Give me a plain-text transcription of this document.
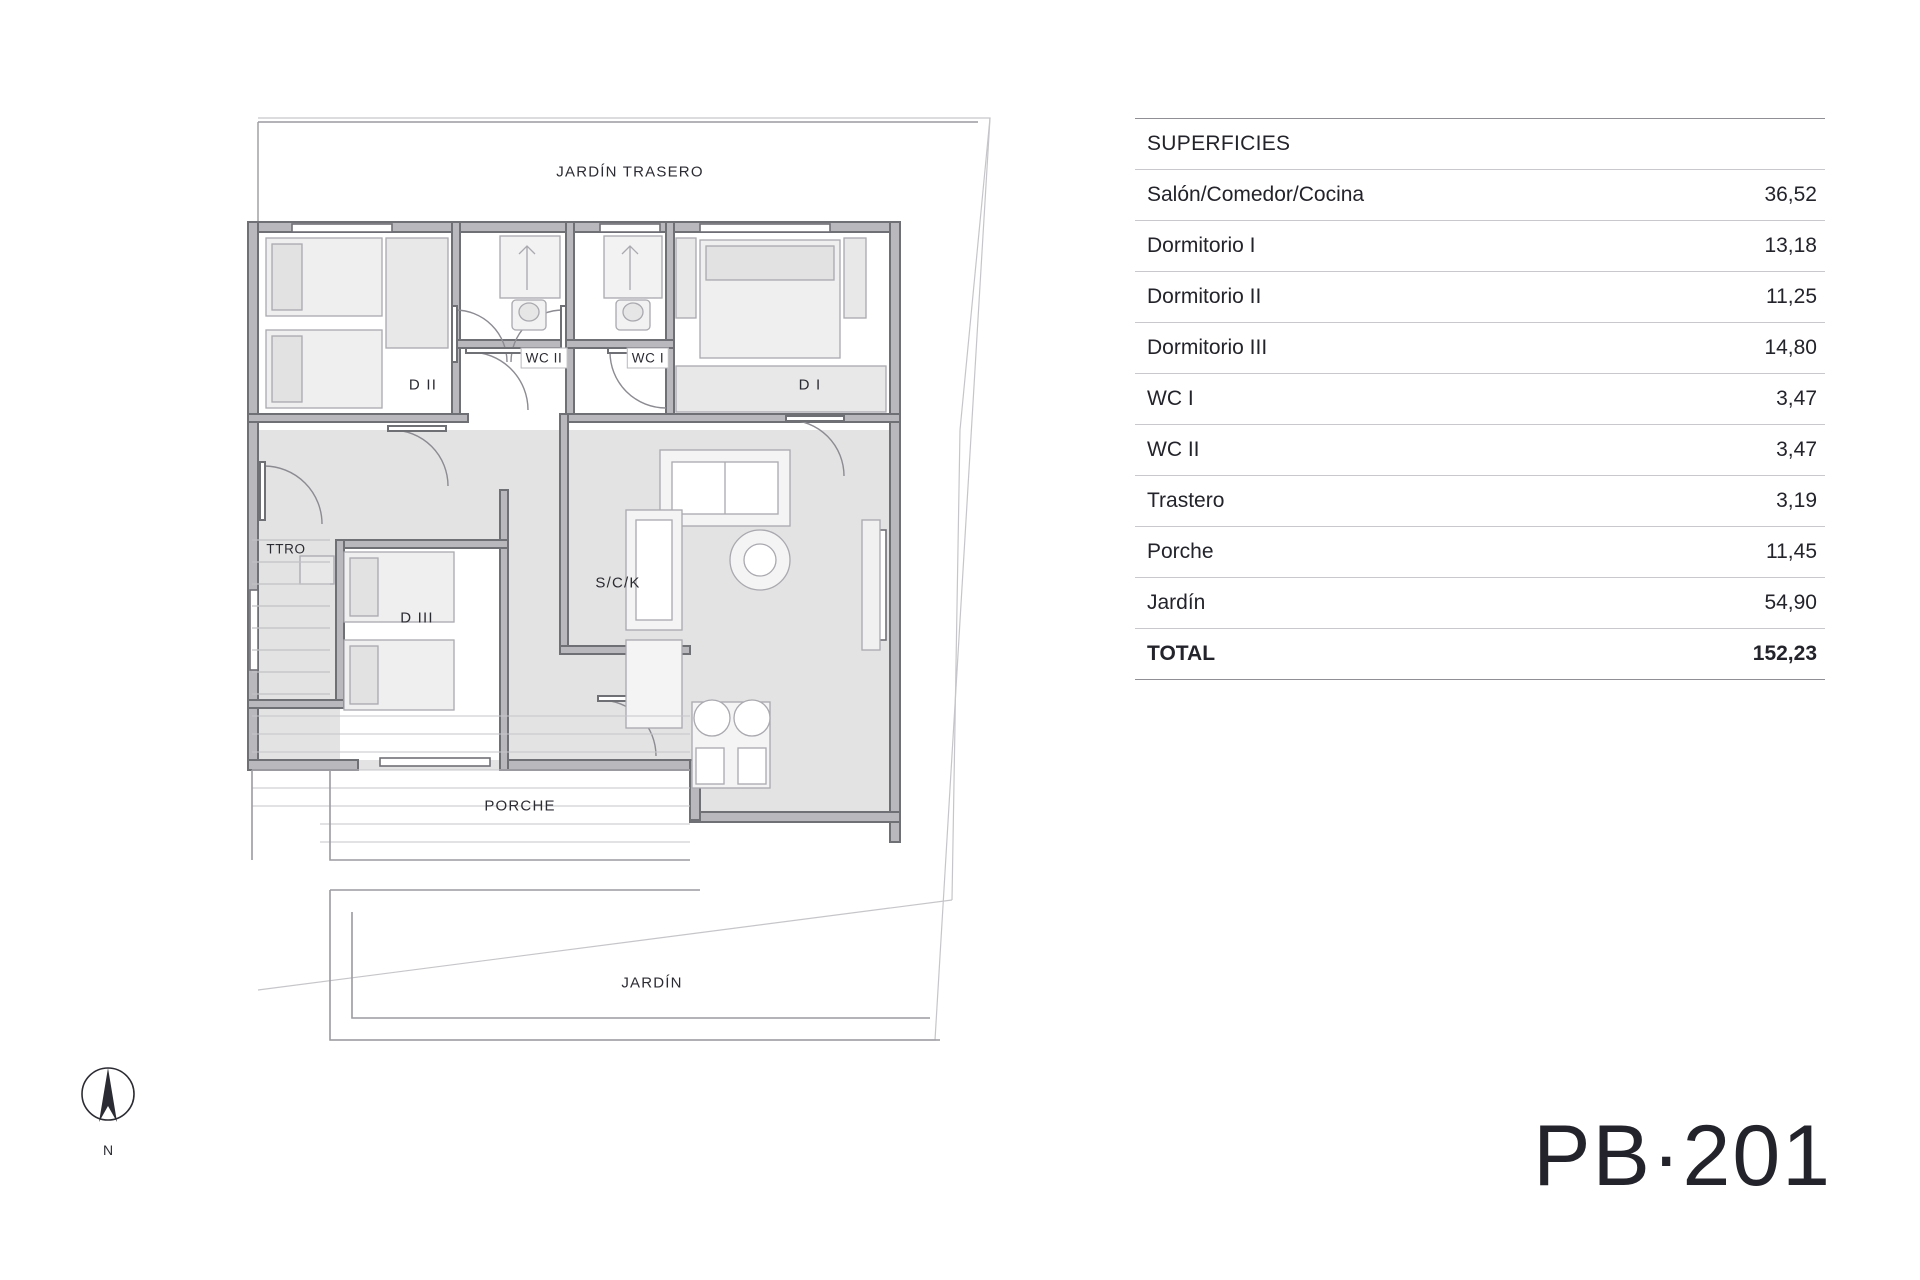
JARDÍN TRASERO
D I
D II
D III
WC I
WC II
S/C/K
TTRO
PORCHE
JARDÍN
N
SUPERFICIES	
Salón/Comedor/Cocina	36,52
Dormitorio I	13,18
Dormitorio II	11,25
Dormitorio III	14,80
WC I	3,47
WC II	3,47
Trastero	3,19
Porche	11,45
Jardín	54,90
TOTAL	152,23
PB·201
